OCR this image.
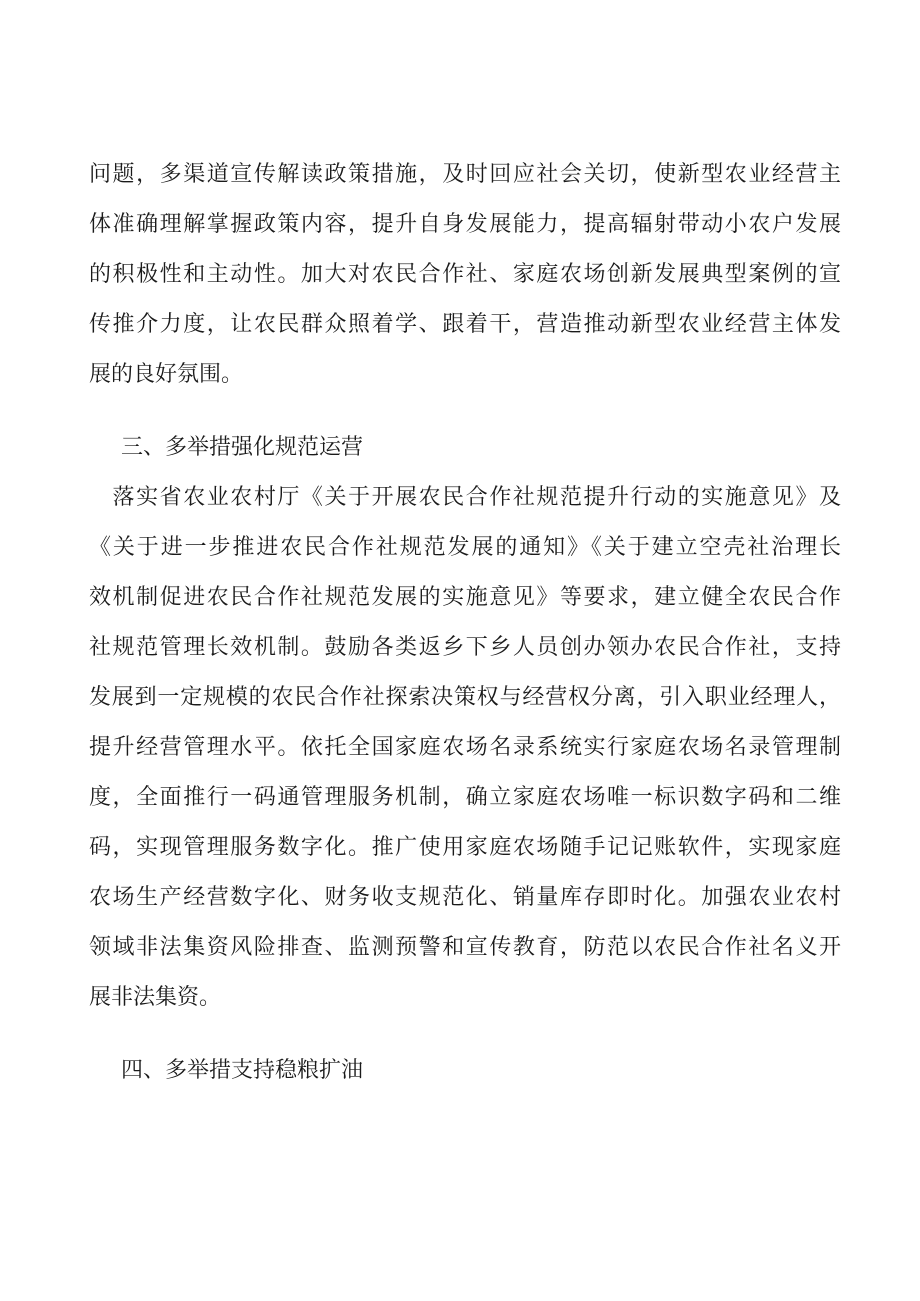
问题，多渠道宣传解读政策措施，及时回应社会关切，使新型农业经营主
体准确理解掌握政策内容，提升自身发展能力，提高辐射带动小农户发展
的积极性和主动性。加大对农民合作社、家庭农场创新发展典型案例的宣
传推介力度，让农民群众照着学、跟着干，营造推动新型农业经营主体发
展的良好氛围。
三、多举措强化规范运营
　落实省农业农村厅《关于开展农民合作社规范提升行动的实施意见》及
《关于进一步推进农民合作社规范发展的通知》《关于建立空壳社治理长
效机制促进农民合作社规范发展的实施意见》等要求，建立健全农民合作
社规范管理长效机制。鼓励各类返乡下乡人员创办领办农民合作社，支持
发展到一定规模的农民合作社探索决策权与经营权分离，引入职业经理人，
提升经营管理水平。依托全国家庭农场名录系统实行家庭农场名录管理制
度，全面推行一码通管理服务机制，确立家庭农场唯一标识数字码和二维
码，实现管理服务数字化。推广使用家庭农场随手记记账软件，实现家庭
农场生产经营数字化、财务收支规范化、销量库存即时化。加强农业农村
领域非法集资风险排查、监测预警和宣传教育，防范以农民合作社名义开
展非法集资。
四、多举措支持稳粮扩油
